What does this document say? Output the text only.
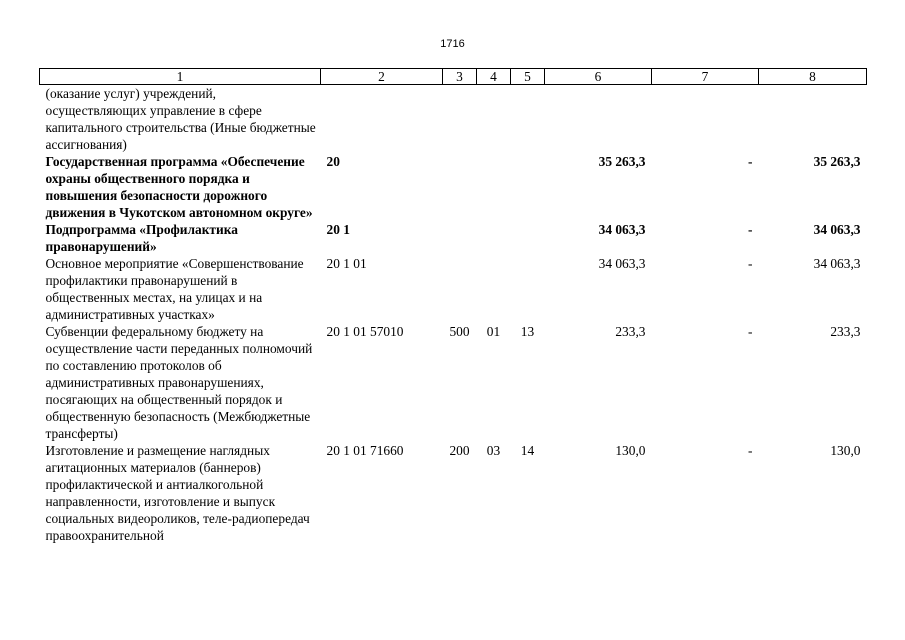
1716
1	2	3	4	5	6	7	8
(оказание услуг) учреждений, осуществляющих управление в сфере капитального строительства (Иные бюджетные ассигнования)							
Государственная программа «Обеспечение охраны общественного порядка и повышения безопасности дорожного движения в Чукотском автономном округе»	20				35 263,3	-	35 263,3
Подпрограмма «Профилактика правонарушений»	20 1				34 063,3	-	34 063,3
Основное мероприятие «Совершенствование профилактики правонарушений в общественных местах, на улицах и на административных участках»	20 1 01				34 063,3	-	34 063,3
Субвенции федеральному бюджету на осуществление части переданных полномочий по составлению протоколов об административных правонарушениях, посягающих на общественный порядок и общественную безопасность (Межбюджетные трансферты)	20 1 01 57010	500	01	13	233,3	-	233,3
Изготовление и размещение наглядных агитационных материалов (баннеров) профилактической и антиалкогольной направленности, изготовление и выпуск социальных видеороликов, теле-радиопередач правоохранительной	20 1 01 71660	200	03	14	130,0	-	130,0
